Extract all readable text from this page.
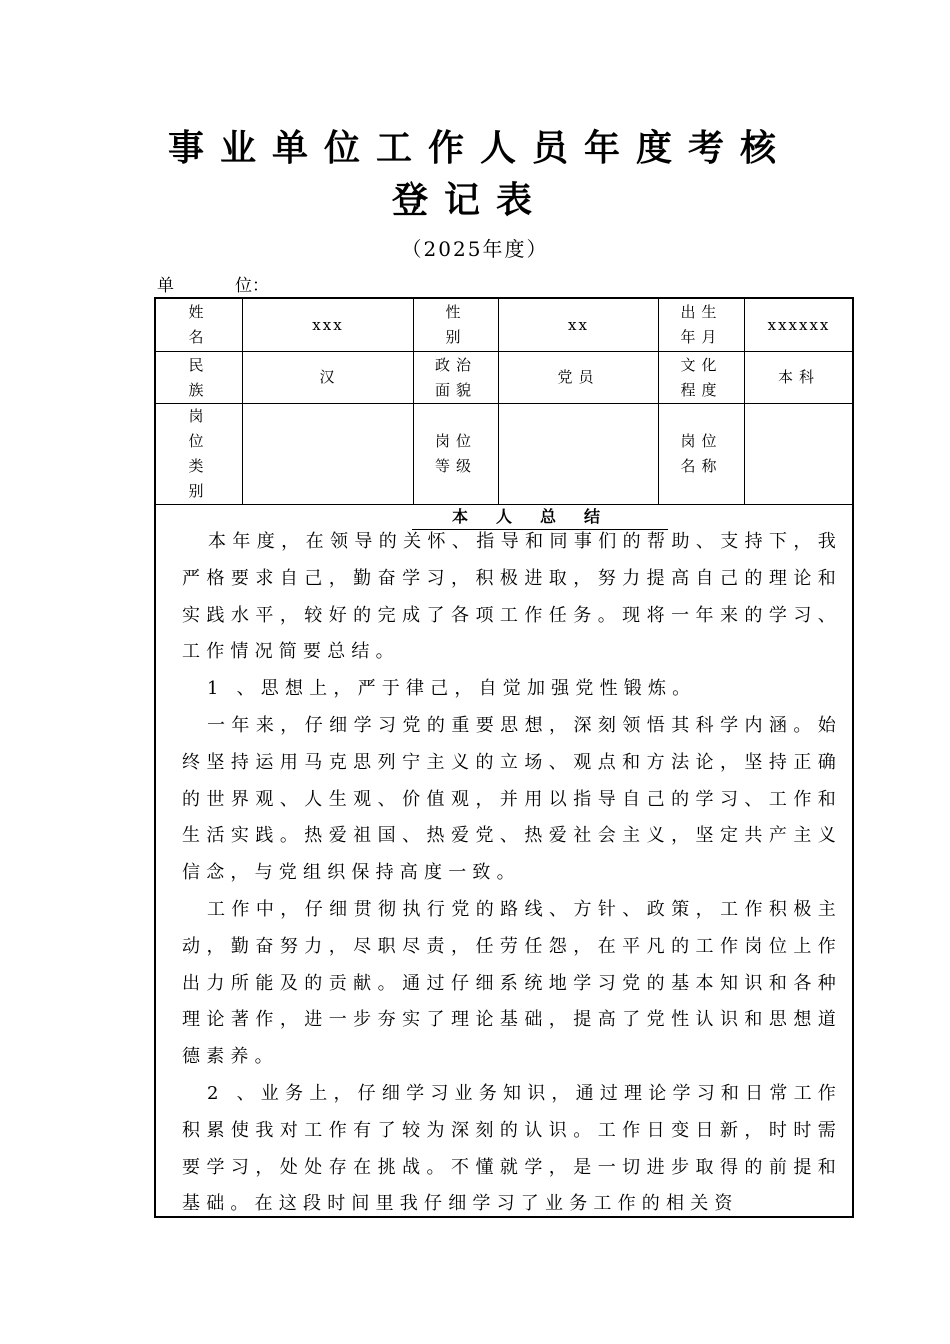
事业单位工作人员年度考核
登记表
（2025年度）
单	位：
姓
名
xxx
性
别
xx
出生
年月
xxxxxx
民
族
汉
政治
面貌
党员
文化
程度
本科
岗
位
类
别
岗位
等级
岗位
名称
本人总结

本年度，在领导的关怀、指导和同事们的帮助、支持下，我严格要求自己，勤奋学习，积极进取，努力提高自己的理论和实践水平，较好的完成了各项工作任务。现将一年来的学习、工作情况简要总结。

1 、思想上，严于律己，自觉加强党性锻炼。

一年来，仔细学习党的重要思想，深刻领悟其科学内涵。始终坚持运用马克思列宁主义的立场、观点和方法论，坚持正确的世界观、人生观、价值观，并用以指导自己的学习、工作和生活实践。热爱祖国、热爱党、热爱社会主义，坚定共产主义信念，与党组织保持高度一致。

工作中，仔细贯彻执行党的路线、方针、政策，工作积极主动，勤奋努力，尽职尽责，任劳任怨，在平凡的工作岗位上作出力所能及的贡献。通过仔细系统地学习党的基本知识和各种理论著作，进一步夯实了理论基础，提高了党性认识和思想道德素养。

2 、业务上，仔细学习业务知识，通过理论学习和日常工作积累使我对工作有了较为深刻的认识。工作日变日新，时时需要学习，处处存在挑战。不懂就学，是一切进步取得的前提和基础。在这段时间里我仔细学习了业务工作的相关资
